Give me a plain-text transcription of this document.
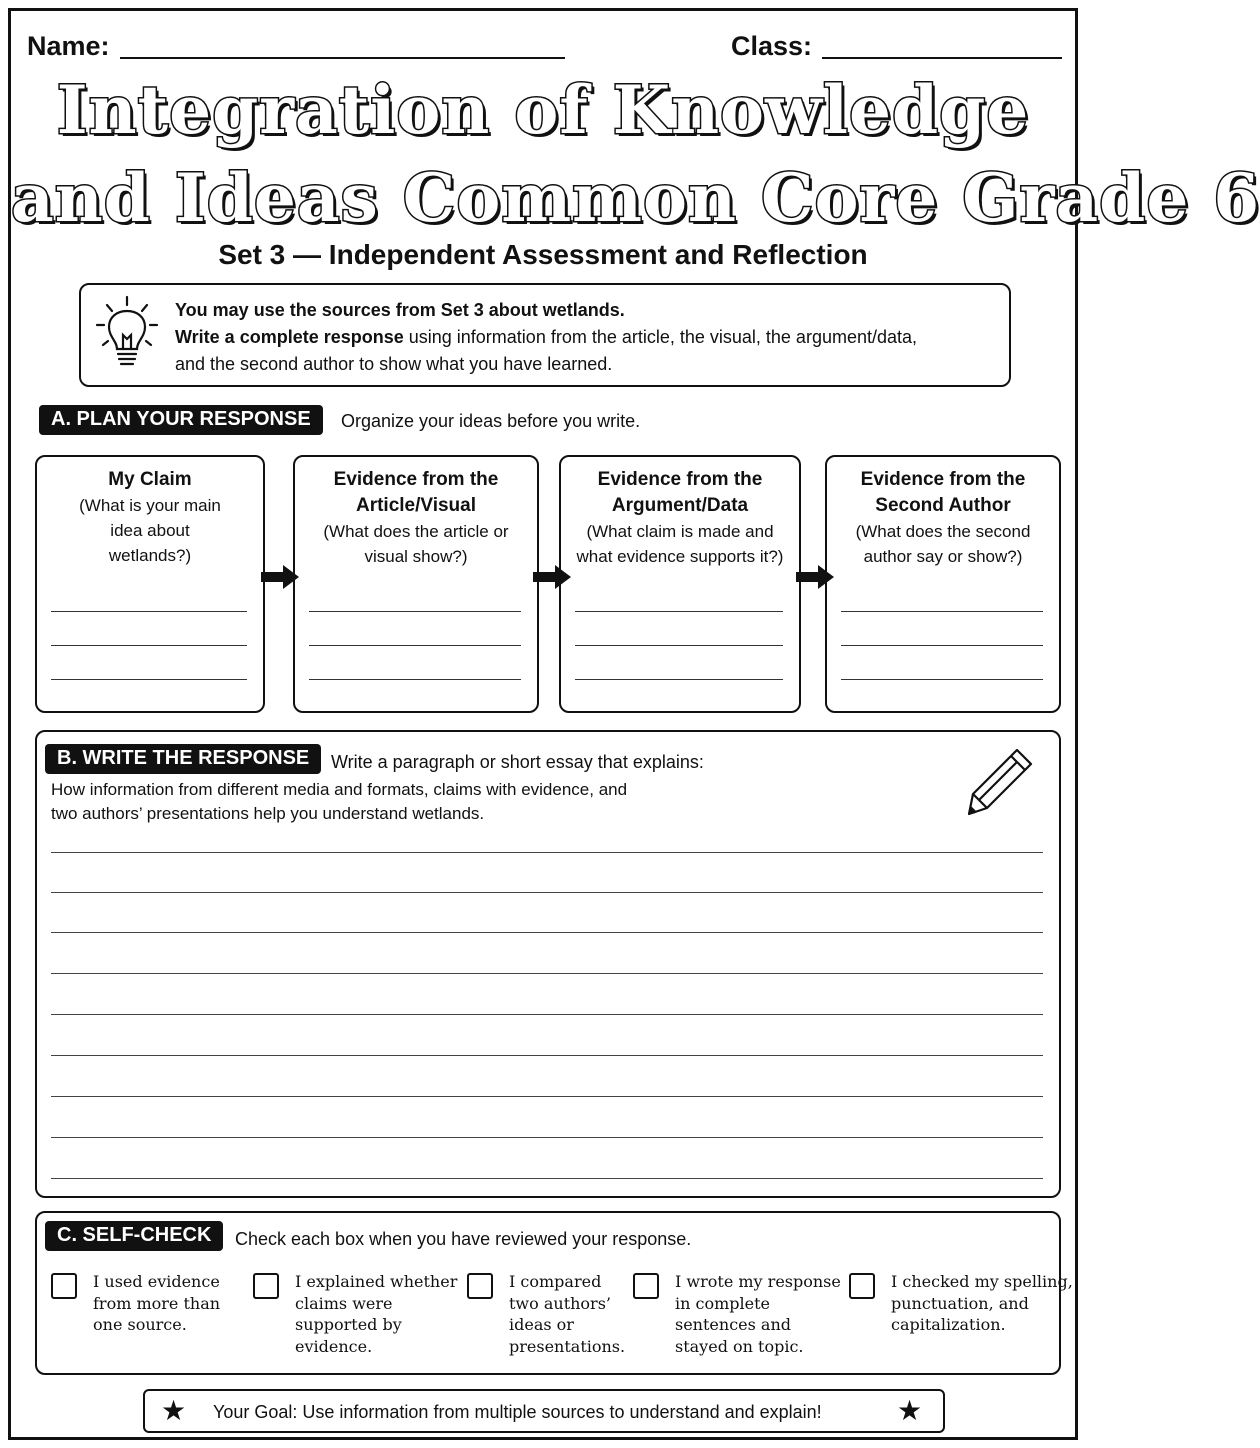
Name:	Class:
Integration of Knowledge
and Ideas Common Core Grade 6
Set 3 — Independent Assessment and Reflection
You may use the sources from Set 3 about wetlands.
Write a complete response using information from the article, the visual, the argument/data,
and the second author to show what you have learned.
A. PLAN YOUR RESPONSE	Organize your ideas before you write.
My Claim
(What is your main idea about wetlands?)
Evidence from the Article/Visual
(What does the article or visual show?)
Evidence from the Argument/Data
(What claim is made and what evidence supports it?)
Evidence from the Second Author
(What does the second author say or show?)
B. WRITE THE RESPONSE	Write a paragraph or short essay that explains:
How information from different media and formats, claims with evidence, and
two authors’ presentations help you understand wetlands.
C. SELF-CHECK	Check each box when you have reviewed your response.
I used evidence
from more than
one source.
I explained whether
claims were
supported by
evidence.
I compared
two authors’
ideas or
presentations.
I wrote my response
in complete
sentences and
stayed on topic.
I checked my spelling,
punctuation, and
capitalization.
★ Your Goal: Use information from multiple sources to understand and explain!	★
